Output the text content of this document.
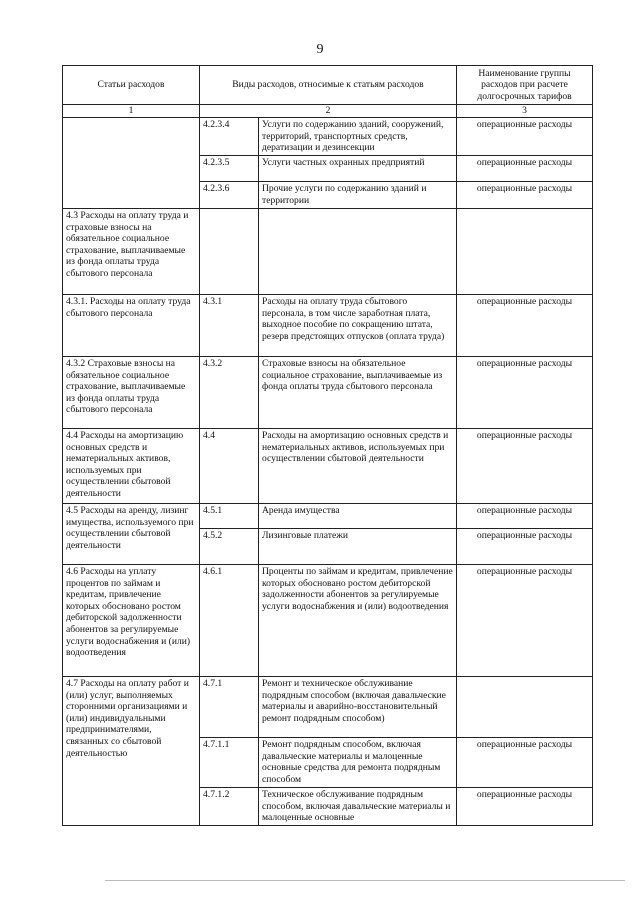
9
Статьи расходов	Виды расходов, относимые к статьям расходов		Наименование группы расходов при расчете долгосрочных тарифов
1	2		3
	4.2.3.4	Услуги по содержанию зданий, сооружений, территорий, транспортных средств, дератизации и дезинсекции	операционные расходы
	4.2.3.5	Услуги частных охранных предприятий	операционные расходы
	4.2.3.6	Прочие услуги по содержанию зданий и территории	операционные расходы
4.3 Расходы на оплату труда и страховые взносы на обязательное социальное страхование, выплачиваемые из фонда оплаты труда сбытового персонала			
4.3.1. Расходы на оплату труда сбытового персонала	4.3.1	Расходы на оплату труда сбытового персонала, в том числе заработная плата, выходное пособие по сокращению штата, резерв предстоящих отпусков (оплата труда)	операционные расходы
4.3.2 Страховые взносы на обязательное социальное страхование, выплачиваемые из фонда оплаты труда сбытового персонала	4.3.2	Страховые взносы на обязательное социальное страхование, выплачиваемые из фонда оплаты труда сбытового персонала	операционные расходы
4.4 Расходы на амортизацию основных средств и нематериальных активов, используемых при осуществлении сбытовой деятельности	4.4	Расходы на амортизацию основных средств и нематериальных активов, используемых при осуществлении сбытовой деятельности	операционные расходы
4.5 Расходы на аренду, лизинг имущества, используемого при осуществлении сбытовой деятельности	4.5.1	Аренда имущества	операционные расходы
	4.5.2	Лизинговые платежи	операционные расходы
4.6 Расходы на уплату процентов по займам и кредитам, привлечение которых обосновано ростом дебиторской задолженности абонентов за регулируемые услуги водоснабжения и (или) водоотведения	4.6.1	Проценты по займам и кредитам, привлечение которых обосновано ростом дебиторской задолженности абонентов за регулируемые услуги водоснабжения и (или) водоотведения	операционные расходы
4.7 Расходы на оплату работ и (или) услуг, выполняемых сторонними организациями и (или) индивидуальными предпринимателями, связанных со сбытовой деятельностью	4.7.1	Ремонт и техническое обслуживание подрядным способом (включая давальческие материалы и аварийно-восстановительный ремонт подрядным способом)	
	4.7.1.1	Ремонт подрядным способом, включая давальческие материалы и малоценные основные средства для ремонта подрядным способом	операционные расходы
	4.7.1.2	Техническое обслуживание подрядным способом, включая давальческие материалы и малоценные основные	операционные расходы
